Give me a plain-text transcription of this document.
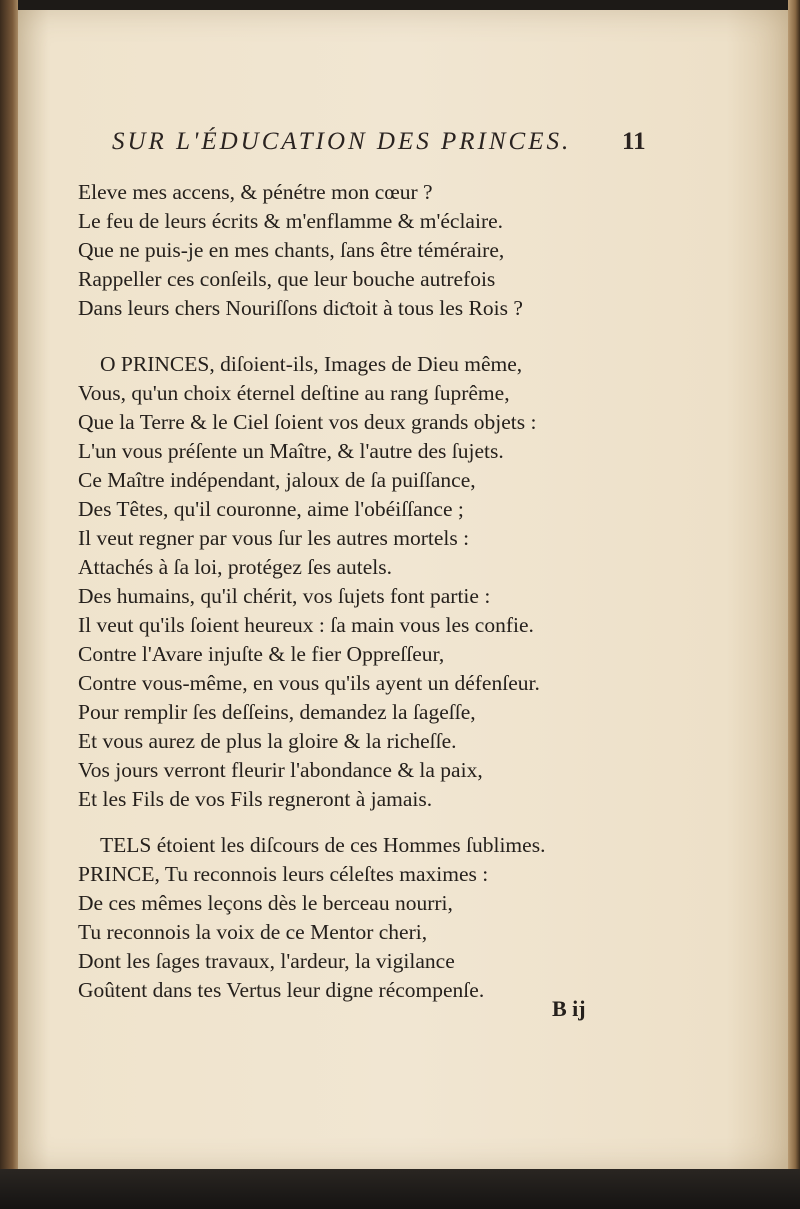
SUR L'ÉDUCATION DES PRINCES.	11
Eleve mes accens, & pénétre mon cœur ?
Le feu de leurs écrits & m'enflamme & m'éclaire.
Que ne puis-je en mes chants, ſans être téméraire,
Rappeller ces conſeils, que leur bouche autrefois
Dans leurs chers Nouriſſons diƈtoit à tous les Rois ?
O PRINCES, diſoient-ils, Images de Dieu même,
Vous, qu'un choix éternel deſtine au rang ſuprême,
Que la Terre & le Ciel ſoient vos deux grands objets :
L'un vous préſente un Maître, & l'autre des ſujets.
Ce Maître indépendant, jaloux de ſa puiſſance,
Des Têtes, qu'il couronne, aime l'obéiſſance ;
Il veut regner par vous ſur les autres mortels :
Attachés à ſa loi, protégez ſes autels.
Des humains, qu'il chérit, vos ſujets font partie :
Il veut qu'ils ſoient heureux : ſa main vous les confie.
Contre l'Avare injuſte & le fier Oppreſſeur,
Contre vous-même, en vous qu'ils ayent un défenſeur.
Pour remplir ſes deſſeins, demandez la ſageſſe,
Et vous aurez de plus la gloire & la richeſſe.
Vos jours verront fleurir l'abondance & la paix,
Et les Fils de vos Fils regneront à jamais.
TELS étoient les diſcours de ces Hommes ſublimes.
PRINCE, Tu reconnois leurs céleſtes maximes :
De ces mêmes leçons dès le berceau nourri,
Tu reconnois la voix de ce Mentor cheri,
Dont les ſages travaux, l'ardeur, la vigilance
Goûtent dans tes Vertus leur digne récompenſe.
B ij
